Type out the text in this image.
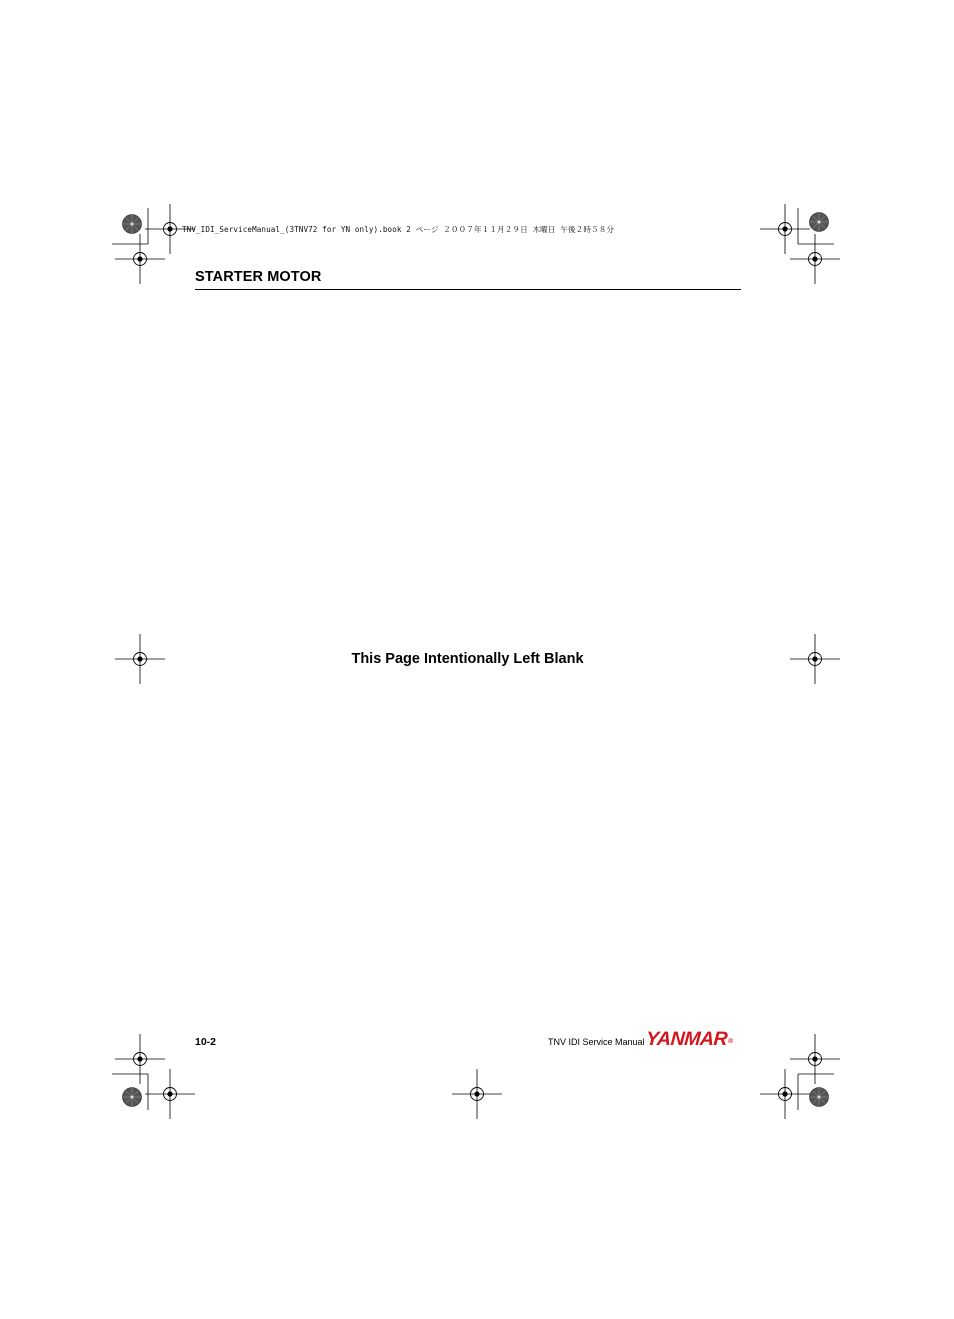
TNV_IDI_ServiceManual_(3TNV72 for YN only).book 2 ページ ２００７年１１月２９日 木曜日 午後２時５８分
STARTER MOTOR
This Page Intentionally Left Blank
10-2	TNV IDI Service Manual YANMAR®
